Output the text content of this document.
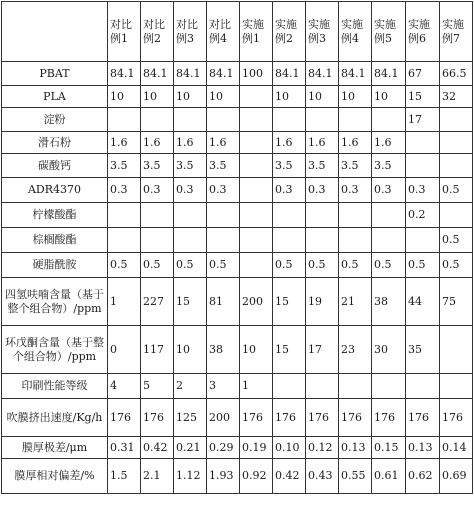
	对比例1	对比例2	对比例3	对比例4	实施例1	实施例2	实施例3	实施例4	实施例5	实施例6	实施例7
PBAT	84.1	84.1	84.1	84.1	100	84.1	84.1	84.1	84.1	67	66.5
PLA	10	10	10	10		10	10	10	10	15	32
淀粉										17	
滑石粉	1.6	1.6	1.6	1.6		1.6	1.6	1.6	1.6		
碳酸钙	3.5	3.5	3.5	3.5		3.5	3.5	3.5	3.5		
ADR4370	0.3	0.3	0.3	0.3		0.3	0.3	0.3	0.3	0.3	0.5
柠檬酸酯										0.2	
棕榈酸酯											0.5
硬脂酰胺	0.5	0.5	0.5	0.5		0.5	0.5	0.5	0.5	0.5	0.5
四氢呋喃含量（基于整个组合物）/ppm	1	227	15	81	200	15	19	21	38	44	75
环戊酮含量（基于整个组合物）/ppm	0	117	10	38	10	15	17	23	30	35	
印刷性能等级	4	5	2	3	1						
吹膜挤出速度/Kg/h	176	176	125	200	176	176	176	176	176	176	176
膜厚极差/μm	0.31	0.42	0.21	0.29	0.19	0.10	0.12	0.13	0.15	0.13	0.14
膜厚相对偏差/%	1.5	2.1	1.12	1.93	0.92	0.42	0.43	0.55	0.61	0.62	0.69
